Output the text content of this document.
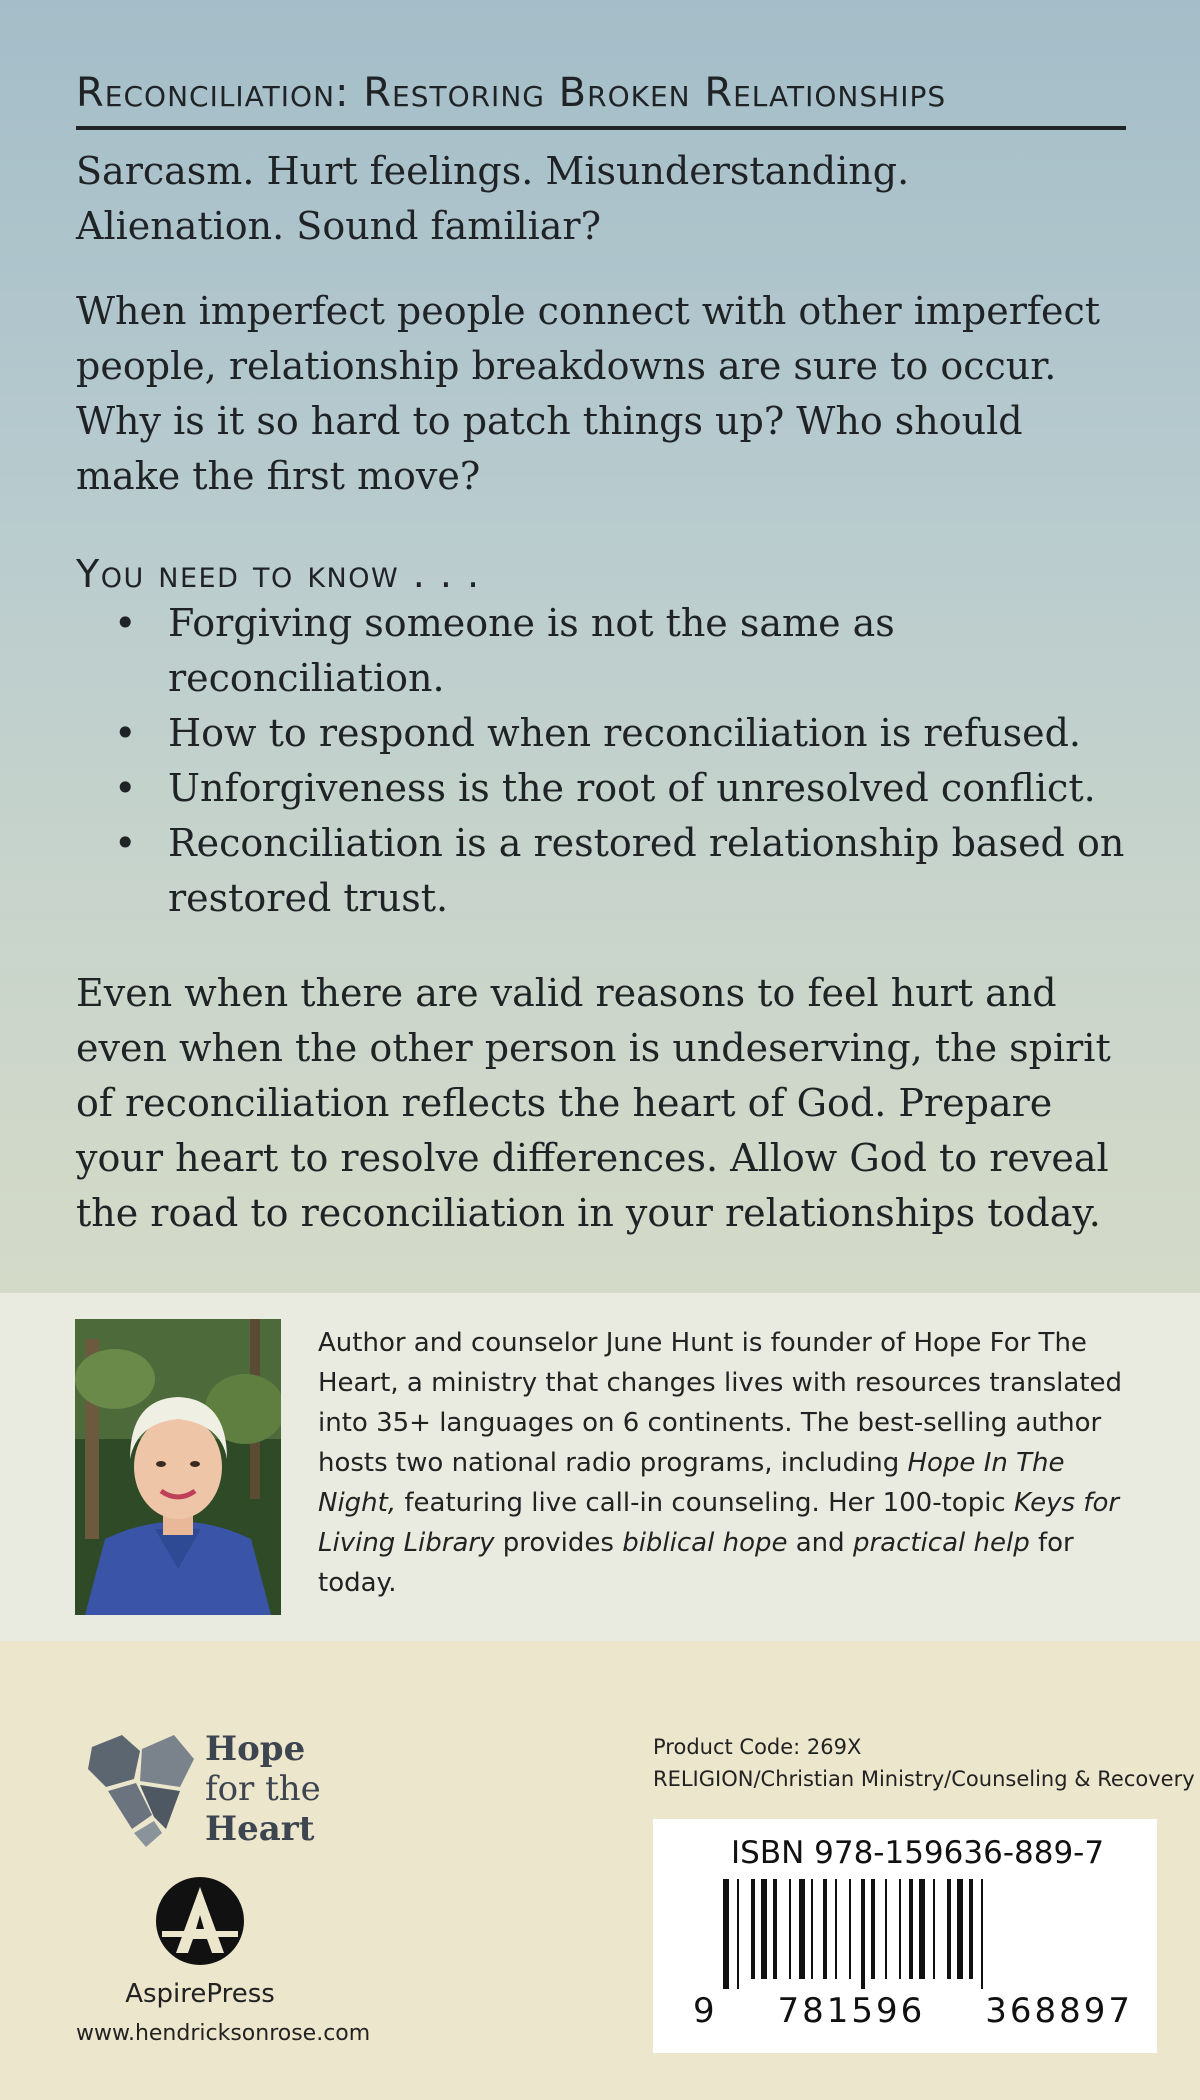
Reconciliation: Restoring Broken Relationships

Sarcasm. Hurt feelings. Misunderstanding. Alienation. Sound familiar?

When imperfect people connect with other imperfect people, relationship breakdowns are sure to occur. Why is it so hard to patch things up? Who should make the first move?

You need to know . . .
• Forgiving someone is not the same as reconciliation.
• How to respond when reconciliation is refused.
• Unforgiveness is the root of unresolved conflict.
• Reconciliation is a restored relationship based on restored trust.

Even when there are valid reasons to feel hurt and even when the other person is undeserving, the spirit of reconciliation reflects the heart of God. Prepare your heart to resolve differences. Allow God to reveal the road to reconciliation in your relationships today.

Author and counselor June Hunt is founder of Hope For The Heart, a ministry that changes lives with resources translated into 35+ languages on 6 continents. The best-selling author hosts two national radio programs, including Hope In The Night, featuring live call-in counseling. Her 100-topic Keys for Living Library provides biblical hope and practical help for today.
Hope
for the
Heart
AspirePress
www.hendricksonrose.com
Product Code: 269X
RELIGION/Christian Ministry/Counseling & Recovery
ISBN 978-159636-889-7
9 781596 368897
